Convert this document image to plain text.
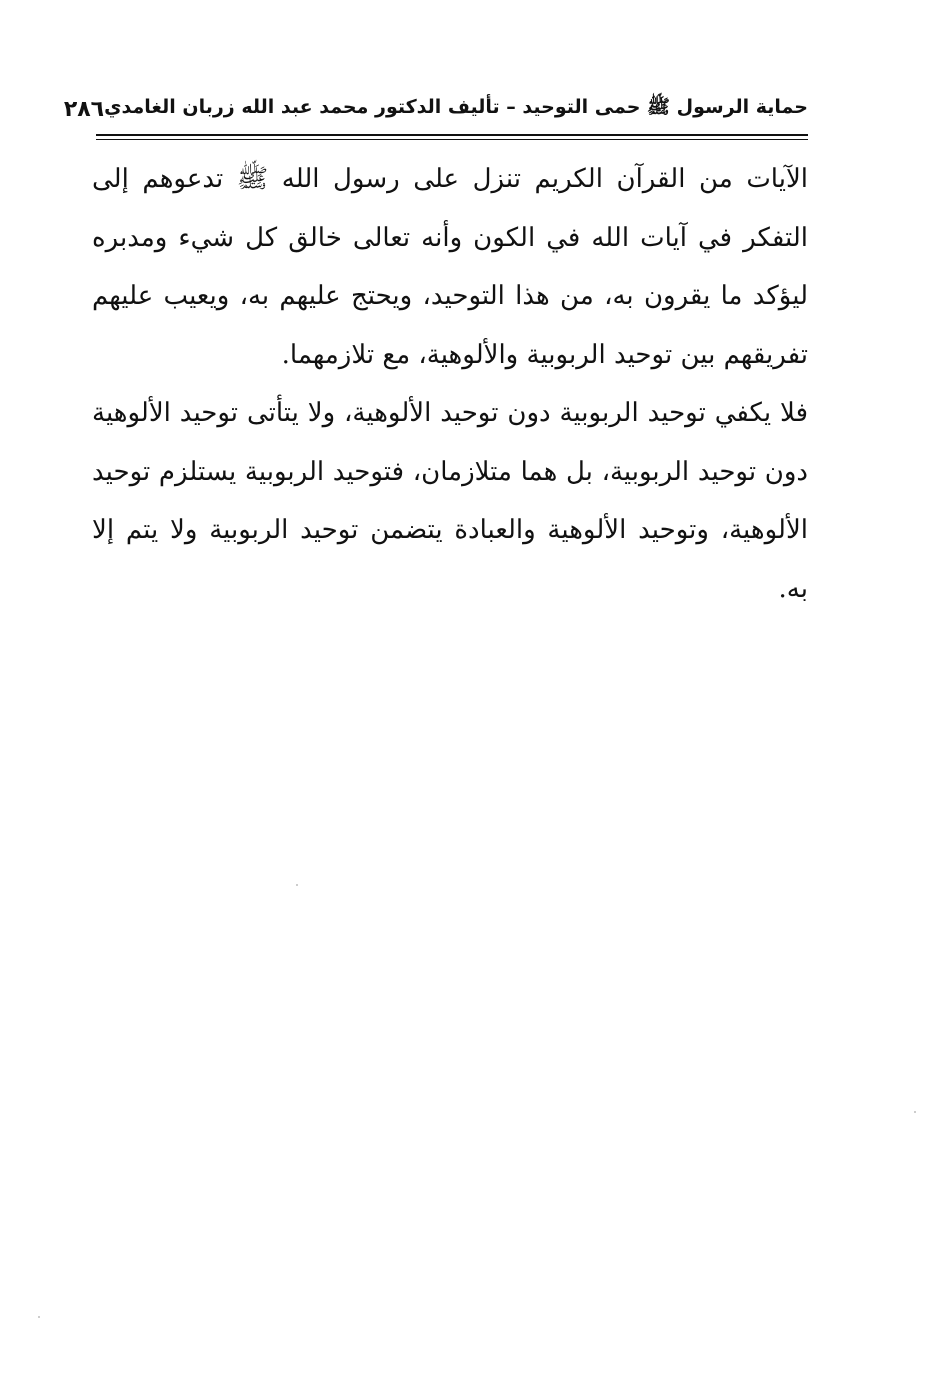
حماية الرسول ﷺ حمى التوحيد – تأليف الدكتور محمد عبد الله زربان الغامدي
٢٨٦

الآيات من القرآن الكريم تنزل على رسول الله ﷺ تدعوهم إلى التفكر في آيات الله في الكون وأنه تعالى خالق كل شيء ومدبره ليؤكد ما يقرون به، من هذا التوحيد، ويحتج عليهم به، ويعيب عليهم تفريقهم بين توحيد الربوبية والألوهية، مع تلازمهما.

فلا يكفي توحيد الربوبية دون توحيد الألوهية، ولا يتأتى توحيد الألوهية دون توحيد الربوبية، بل هما متلازمان، فتوحيد الربوبية يستلزم توحيد الألوهية، وتوحيد الألوهية والعبادة يتضمن توحيد الربوبية ولا يتم إلا به.
